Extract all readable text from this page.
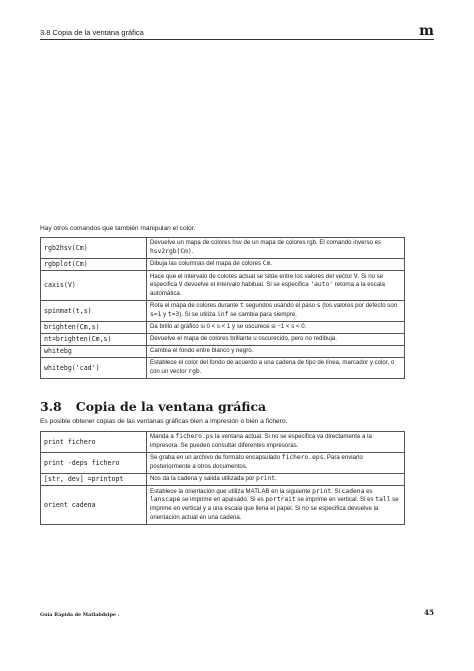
3.8 Copia de la ventana gráfica	m
Hay otros comandos que también manipulan el color.
rgb2hsv(Cm)	Devuelve un mapa de colores hsv de un mapa de colores rgb. El comando inverso es hsv2rgb(Cm).
rgbplot(Cm)	Dibuja las columnas del mapa de colores Cm.
caxis(V)	Hace que el intervalo de colores actual se sitúe entre los valores del vector V. Si no se especifica V devuelve el intervalo habitual. Si se especifica 'auto' retorna a la escala automática.
spinmat(t,s)	Rota el mapa de colores durante t segundos usando el paso s (los valores por defecto son s=1 y t=3). Si se utiliza inf se cambia para siempre.
brighten(Cm,s)	Da brillo al gráfico si 0 < s < 1 y se oscurece si −1 < s < 0.
nt=brighten(Cm,s)	Devuelve el mapa de colores brillante u oscurecido, pero no redibuja.
whitebg	Cambia el fondo entre blanco y negro.
whitebg('cad')	Establece el color del fondo de acuerdo a una cadena de tipo de línea, marcador y color, o con un vector rgb.
3.8 Copia de la ventana gráfica
Es posible obtener copias de las ventanas gráficas bien a impresión o bien a fichero.
print fichero	Manda a fichero.ps la ventana actual. Si no se especifica va directamente a la impresora. Se pueden consultar diferentes impresoras.
print -deps fichero	Se graba en un archivo de formato encapsulado fichero.eps. Para enviarlo posteriormente a otros documentos.
[str, dev] =printopt	Nos da la cadena y salida utilizada por print.
orient cadena	Establece la orientación que utiliza MATLAB en la siguiente print. Si cadena es lanscape se imprime en apaisado. Si es portrait se imprime en vertical. Si es tall se imprime en vertical y a una escala que llena el papel. Si no se especifica devuelve la orientación actual en una cadena.
Guía Rápida de Matlabdsipe .	45
